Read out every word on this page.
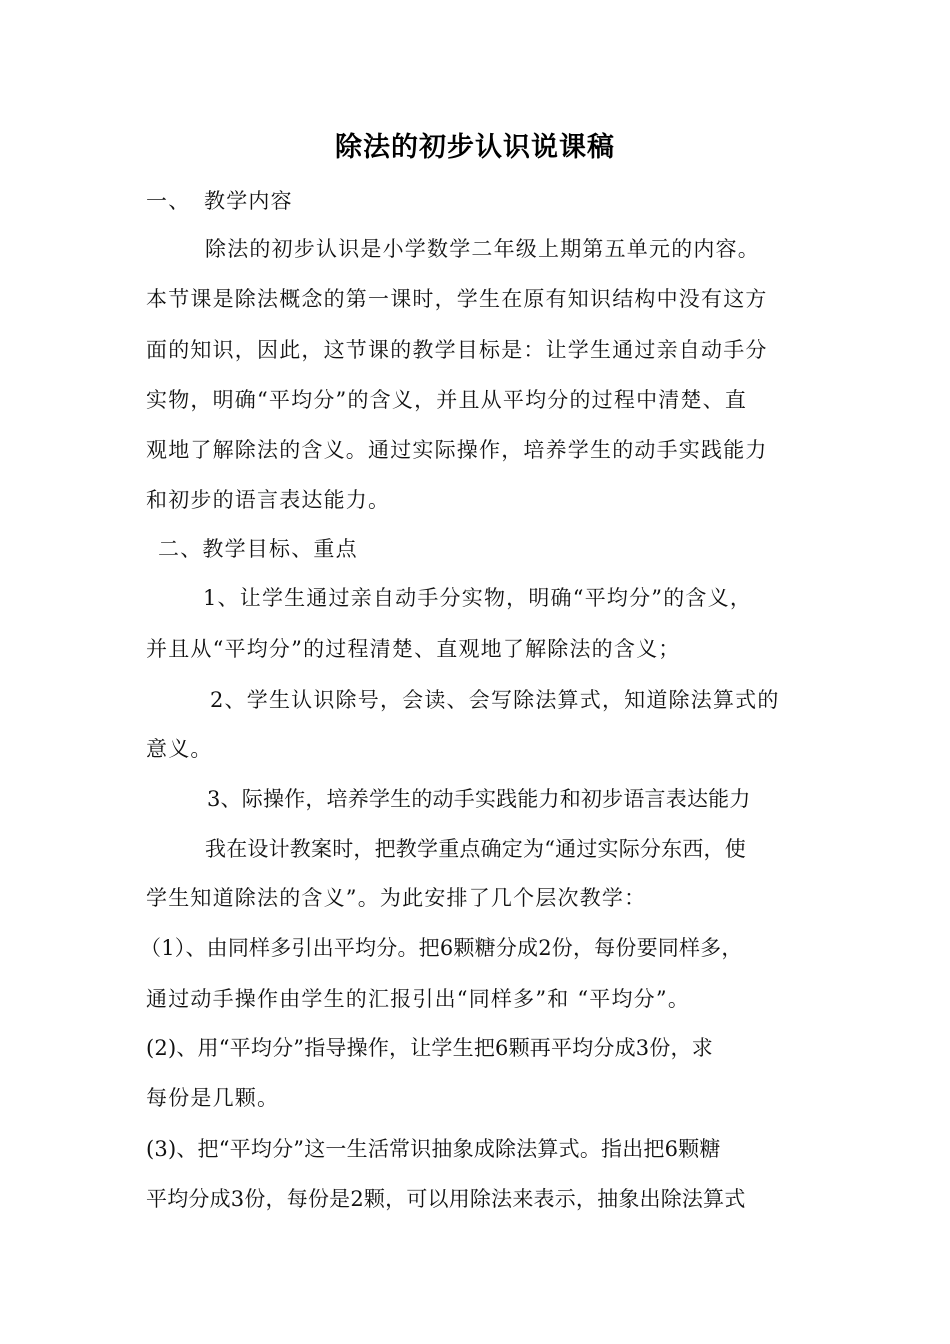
除法的初步认识说课稿
一、 教学内容
除法的初步认识是小学数学二年级上期第五单元的内容。
本节课是除法概念的第一课时，学生在原有知识结构中没有这方
面的知识，因此，这节课的教学目标是：让学生通过亲自动手分
实物，明确“平均分”的含义，并且从平均分的过程中清楚、直
观地了解除法的含义。通过实际操作，培养学生的动手实践能力
和初步的语言表达能力。
二、教学目标、重点
1、让学生通过亲自动手分实物，明确“平均分”的含义，
并且从“平均分”的过程清楚、直观地了解除法的含义；
2、学生认识除号，会读、会写除法算式，知道除法算式的
意义。
3、际操作，培养学生的动手实践能力和初步语言表达能力
我在设计教案时，把教学重点确定为“通过实际分东西，使
学生知道除法的含义”。为此安排了几个层次教学：
（1）、由同样多引出平均分。把6颗糖分成2份，每份要同样多，
通过动手操作由学生的汇报引出“同样多”和 “平均分”。
(2)、用“平均分”指导操作，让学生把6颗再平均分成3份，求
每份是几颗。
(3)、把“平均分”这一生活常识抽象成除法算式。指出把6颗糖
平均分成3份，每份是2颗，可以用除法来表示，抽象出除法算式
